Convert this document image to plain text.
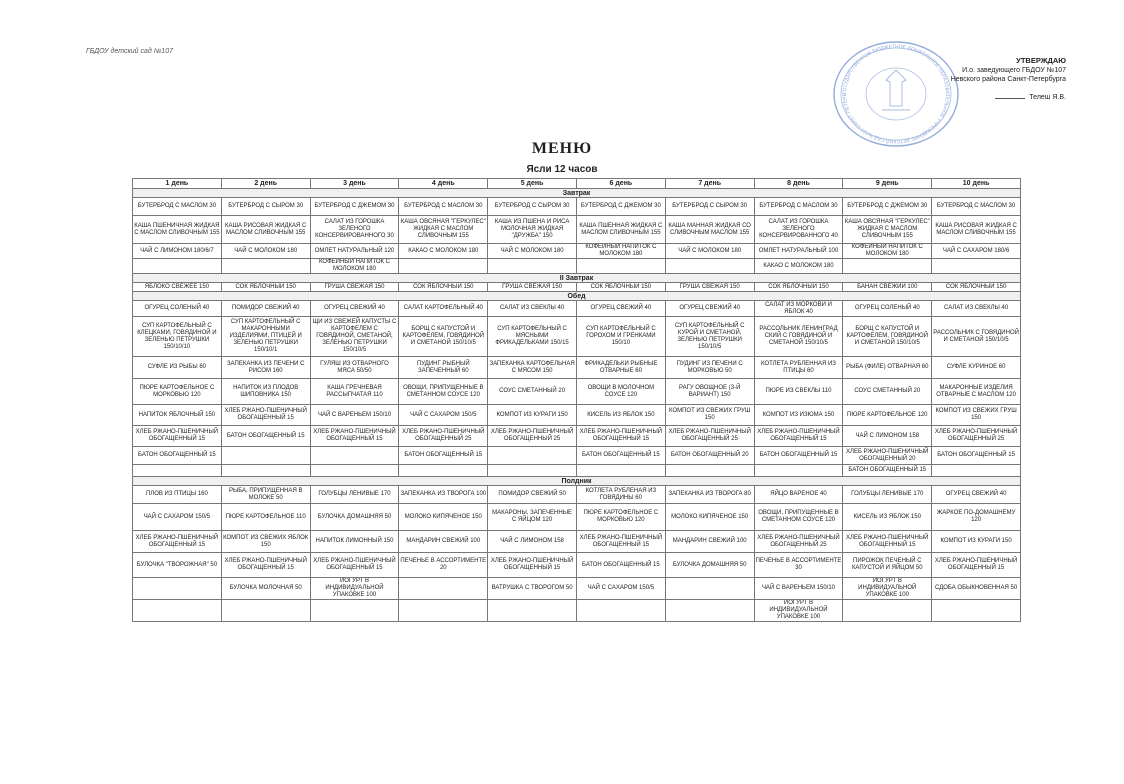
ГБДОУ детский сад №107
ГОСУДАРСТВЕННОЕ БЮДЖЕТНОЕ ДОШКОЛЬНОЕ ОБРАЗОВАТЕЛЬНОЕ УЧРЕЖДЕНИЕ ДЕТСКИЙ САД №107 САНКТ-ПЕТЕРБ
УТВЕРЖДАЮ
И.о. заведующего ГБДОУ №107
Невского района Санкт-Петербурга
Телеш Я.В.
МЕНЮ
Ясли 12 часов
1 день	2 день	3 день	4 день	5 день	6 день	7 день	8 день	9 день	10 день
Завтрак									
БУТЕРБРОД С МАСЛОМ 30	БУТЕРБРОД С СЫРОМ 30	БУТЕРБРОД С ДЖЕМОМ 30	БУТЕРБРОД С МАСЛОМ 30	БУТЕРБРОД С СЫРОМ 30	БУТЕРБРОД С ДЖЕМОМ 30	БУТЕРБРОД С СЫРОМ 30	БУТЕРБРОД С МАСЛОМ 30	БУТЕРБРОД С ДЖЕМОМ 30	БУТЕРБРОД С МАСЛОМ 30
КАША ПШЕНИЧНАЯ ЖИДКАЯ С МАСЛОМ СЛИВОЧНЫМ 155	КАША РИСОВАЯ ЖИДКАЯ С МАСЛОМ СЛИВОЧНЫМ 155	САЛАТ ИЗ ГОРОШКА ЗЕЛЕНОГО КОНСЕРВИРОВАННОГО 30	КАША ОВСЯНАЯ "ГЕРКУЛЕС" ЖИДКАЯ С МАСЛОМ СЛИВОЧНЫМ 155	КАША ИЗ ПШЕНА И РИСА МОЛОЧНАЯ ЖИДКАЯ "ДРУЖБА" 150	КАША ПШЕННАЯ ЖИДКАЯ С МАСЛОМ СЛИВОЧНЫМ 155	КАША МАННАЯ ЖИДКАЯ СО СЛИВОЧНЫМ МАСЛОМ 155	САЛАТ ИЗ ГОРОШКА ЗЕЛЕНОГО КОНСЕРВИРОВАННОГО 40	КАША ОВСЯНАЯ "ГЕРКУЛЕС" ЖИДКАЯ С МАСЛОМ СЛИВОЧНЫМ 155	КАША РИСОВАЯ ЖИДКАЯ С МАСЛОМ СЛИВОЧНЫМ 155
ЧАЙ С ЛИМОНОМ 180/6/7	ЧАЙ С МОЛОКОМ 180	ОМЛЕТ НАТУРАЛЬНЫЙ 120	КАКАО С МОЛОКОМ 180	ЧАЙ С МОЛОКОМ 180	КОФЕЙНЫЙ НАПИТОК С МОЛОКОМ 180	ЧАЙ С МОЛОКОМ 180	ОМЛЕТ НАТУРАЛЬНЫЙ 100	КОФЕЙНЫЙ НАПИТОК С МОЛОКОМ 180	ЧАЙ С САХАРОМ 180/6
		КОФЕЙНЫЙ НАПИТОК С МОЛОКОМ 180					КАКАО С МОЛОКОМ 180		
II Завтрак									
ЯБЛОКО СВЕЖЕЕ 150	СОК ЯБЛОЧНЫЙ 150	ГРУША СВЕЖАЯ 150	СОК ЯБЛОЧНЫЙ 150	ГРУША СВЕЖАЯ 150	СОК ЯБЛОЧНЫЙ 150	ГРУША СВЕЖАЯ 150	СОК ЯБЛОЧНЫЙ 150	БАНАН СВЕЖИЙ 100	СОК ЯБЛОЧНЫЙ 150
Обед									
ОГУРЕЦ СОЛЕНЫЙ 40	ПОМИДОР СВЕЖИЙ 40	ОГУРЕЦ СВЕЖИЙ 40	САЛАТ КАРТОФЕЛЬНЫЙ 40	САЛАТ ИЗ СВЕКЛЫ 40	ОГУРЕЦ СВЕЖИЙ 40	ОГУРЕЦ СВЕЖИЙ 40	САЛАТ ИЗ МОРКОВИ И ЯБЛОК 40	ОГУРЕЦ СОЛЕНЫЙ 40	САЛАТ ИЗ СВЕКЛЫ 40
СУП КАРТОФЕЛЬНЫЙ С КЛЕЦКАМИ, ГОВЯДИНОЙ И ЗЕЛЕНЬЮ ПЕТРУШКИ 150/10/10	СУП КАРТОФЕЛЬНЫЙ С МАКАРОННЫМИ ИЗДЕЛИЯМИ, ПТИЦЕЙ И ЗЕЛЕНЬЮ ПЕТРУШКИ 150/10/1	ЩИ ИЗ СВЕЖЕЙ КАПУСТЫ С КАРТОФЕЛЕМ С ГОВЯДИНОЙ, СМЕТАНОЙ, ЗЕЛЕНЬЮ ПЕТРУШКИ 150/10/5	БОРЩ С КАПУСТОЙ И КАРТОФЕЛЕМ, ГОВЯДИНОЙ И СМЕТАНОЙ 150/10/5	СУП КАРТОФЕЛЬНЫЙ С МЯСНЫМИ ФРИКАДЕЛЬКАМИ 150/15	СУП КАРТОФЕЛЬНЫЙ С ГОРОХОМ И ГРЕНКАМИ 150/10	СУП КАРТОФЕЛЬНЫЙ С КУРОЙ И СМЕТАНОЙ, ЗЕЛЕНЬЮ ПЕТРУШКИ 150/10/5	РАССОЛЬНИК ЛЕНИНГРАД СКИЙ С ГОВЯДИНОЙ И СМЕТАНОЙ 150/10/5	БОРЩ С КАПУСТОЙ И КАРТОФЕЛЕМ, ГОВЯДИНОЙ И СМЕТАНОЙ 150/10/5	РАССОЛЬНИК С ГОВЯДИНОЙ И СМЕТАНОЙ 150/10/5
СУФЛЕ ИЗ РЫБЫ 60	ЗАПЕКАНКА ИЗ ПЕЧЕНИ С РИСОМ 160	ГУЛЯШ ИЗ ОТВАРНОГО МЯСА 50/50	ПУДИНГ РЫБНЫЙ ЗАПЕЧЕННЫЙ 60	ЗАПЕКАНКА КАРТОФЕЛЬНАЯ С МЯСОМ 150	ФРИКАДЕЛЬКИ РЫБНЫЕ ОТВАРНЫЕ 60	ПУДИНГ ИЗ ПЕЧЕНИ С МОРКОВЬЮ 50	КОТЛЕТА РУБЛЕННАЯ ИЗ ПТИЦЫ 60	РЫБА (ФИЛЕ) ОТВАРНАЯ 60	СУФЛЕ КУРИНОЕ 60
ПЮРЕ КАРТОФЕЛЬНОЕ С МОРКОВЬЮ 120	НАПИТОК ИЗ ПЛОДОВ ШИПОВНИКА 150	КАША ГРЕЧНЕВАЯ РАССЫПЧАТАЯ 110	ОВОЩИ, ПРИПУЩЕННЫЕ В СМЕТАННОМ СОУСЕ 120	СОУС СМЕТАННЫЙ 20	ОВОЩИ В МОЛОЧНОМ СОУСЕ 120	РАГУ ОВОЩНОЕ (3-Й ВАРИАНТ) 150	ПЮРЕ ИЗ СВЕКЛЫ 110	СОУС СМЕТАННЫЙ 20	МАКАРОННЫЕ ИЗДЕЛИЯ ОТВАРНЫЕ С МАСЛОМ 120
НАПИТОК ЯБЛОЧНЫЙ 150	ХЛЕБ РЖАНО-ПШЕНИЧНЫЙ ОБОГАЩЕННЫЙ 15	ЧАЙ С ВАРЕНЬЕМ 150/10	ЧАЙ С САХАРОМ 150/5	КОМПОТ ИЗ КУРАГИ 150	КИСЕЛЬ ИЗ ЯБЛОК 150	КОМПОТ ИЗ СВЕЖИХ ГРУШ 150	КОМПОТ ИЗ ИЗЮМА 150	ПЮРЕ КАРТОФЕЛЬНОЕ 120	КОМПОТ ИЗ СВЕЖИХ ГРУШ 150
ХЛЕБ РЖАНО-ПШЕНИЧНЫЙ ОБОГАЩЕННЫЙ 15	БАТОН ОБОГАЩЕННЫЙ 15	ХЛЕБ РЖАНО-ПШЕНИЧНЫЙ ОБОГАЩЕННЫЙ 15	ХЛЕБ РЖАНО-ПШЕНИЧНЫЙ ОБОГАЩЕННЫЙ 25	ХЛЕБ РЖАНО-ПШЕНИЧНЫЙ ОБОГАЩЕННЫЙ 25	ХЛЕБ РЖАНО-ПШЕНИЧНЫЙ ОБОГАЩЕННЫЙ 15	ХЛЕБ РЖАНО-ПШЕНИЧНЫЙ ОБОГАЩЕННЫЙ 25	ХЛЕБ РЖАНО-ПШЕНИЧНЫЙ ОБОГАЩЕННЫЙ 15	ЧАЙ С ЛИМОНОМ 158	ХЛЕБ РЖАНО-ПШЕНИЧНЫЙ ОБОГАЩЕННЫЙ 25
БАТОН ОБОГАЩЕННЫЙ 15			БАТОН ОБОГАЩЕННЫЙ 15		БАТОН ОБОГАЩЕННЫЙ 15	БАТОН ОБОГАЩЕННЫЙ 20	БАТОН ОБОГАЩЕННЫЙ 15	ХЛЕБ РЖАНО-ПШЕНИЧНЫЙ ОБОГАЩЕННЫЙ 20	БАТОН ОБОГАЩЕННЫЙ 15
								БАТОН ОБОГАЩЕННЫЙ 15	
Полдник									
ПЛОВ ИЗ ПТИЦЫ 160	РЫБА, ПРИПУЩЕННАЯ В МОЛОКЕ 50	ГОЛУБЦЫ ЛЕНИВЫЕ 170	ЗАПЕКАНКА ИЗ ТВОРОГА 100	ПОМИДОР СВЕЖИЙ 50	КОТЛЕТА РУБЛЕНАЯ ИЗ ГОВЯДИНЫ 60	ЗАПЕКАНКА ИЗ ТВОРОГА 80	ЯЙЦО ВАРЕНОЕ 40	ГОЛУБЦЫ ЛЕНИВЫЕ 170	ОГУРЕЦ СВЕЖИЙ 40
ЧАЙ С САХАРОМ 150/5	ПЮРЕ КАРТОФЕЛЬНОЕ 110	БУЛОЧКА ДОМАШНЯЯ 50	МОЛОКО КИПЯЧЕНОЕ 150	МАКАРОНЫ, ЗАПЕЧЕННЫЕ С ЯЙЦОМ 120	ПЮРЕ КАРТОФЕЛЬНОЕ С МОРКОВЬЮ 120	МОЛОКО КИПЯЧЕНОЕ 150	ОВОЩИ, ПРИПУЩЕННЫЕ В СМЕТАННОМ СОУСЕ 120	КИСЕЛЬ ИЗ ЯБЛОК 150	ЖАРКОЕ ПО-ДОМАШНЕМУ 120
ХЛЕБ РЖАНО-ПШЕНИЧНЫЙ ОБОГАЩЕННЫЙ 15	КОМПОТ ИЗ СВЕЖИХ ЯБЛОК 150	НАПИТОК ЛИМОННЫЙ 150	МАНДАРИН СВЕЖИЙ 100	ЧАЙ С ЛИМОНОМ 158	ХЛЕБ РЖАНО-ПШЕНИЧНЫЙ ОБОГАЩЕННЫЙ 15	МАНДАРИН СВЕЖИЙ 100	ХЛЕБ РЖАНО-ПШЕНИЧНЫЙ ОБОГАЩЕННЫЙ 25	ХЛЕБ РЖАНО-ПШЕНИЧНЫЙ ОБОГАЩЕННЫЙ 15	КОМПОТ ИЗ КУРАГИ 150
БУЛОЧКА "ТВОРОЖНАЯ" 50	ХЛЕБ РЖАНО-ПШЕНИЧНЫЙ ОБОГАЩЕННЫЙ 15	ХЛЕБ РЖАНО-ПШЕНИЧНЫЙ ОБОГАЩЕННЫЙ 15	ПЕЧЕНЬЕ В АССОРТИМЕНТЕ 20	ХЛЕБ РЖАНО-ПШЕНИЧНЫЙ ОБОГАЩЕННЫЙ 15	БАТОН ОБОГАЩЕННЫЙ 15	БУЛОЧКА ДОМАШНЯЯ 50	ПЕЧЕНЬЕ В АССОРТИМЕНТЕ 30	ПИРОЖОК ПЕЧЕНЫЙ С КАПУСТОЙ И ЯЙЦОМ 50	ХЛЕБ РЖАНО-ПШЕНИЧНЫЙ ОБОГАЩЕННЫЙ 15
	БУЛОЧКА МОЛОЧНАЯ 50	ЙОГУРТ В ИНДИВИДУАЛЬНОЙ УПАКОВКЕ 100		ВАТРУШКА С ТВОРОГОМ 50	ЧАЙ С САХАРОМ 150/5		ЧАЙ С ВАРЕНЬЕМ 150/10	ЙОГУРТ В ИНДИВИДУАЛЬНОЙ УПАКОВКЕ 100	СДОБА ОБЫКНОВЕННАЯ 50
							ЙОГУРТ В ИНДИВИДУАЛЬНОЙ УПАКОВКЕ 100		
